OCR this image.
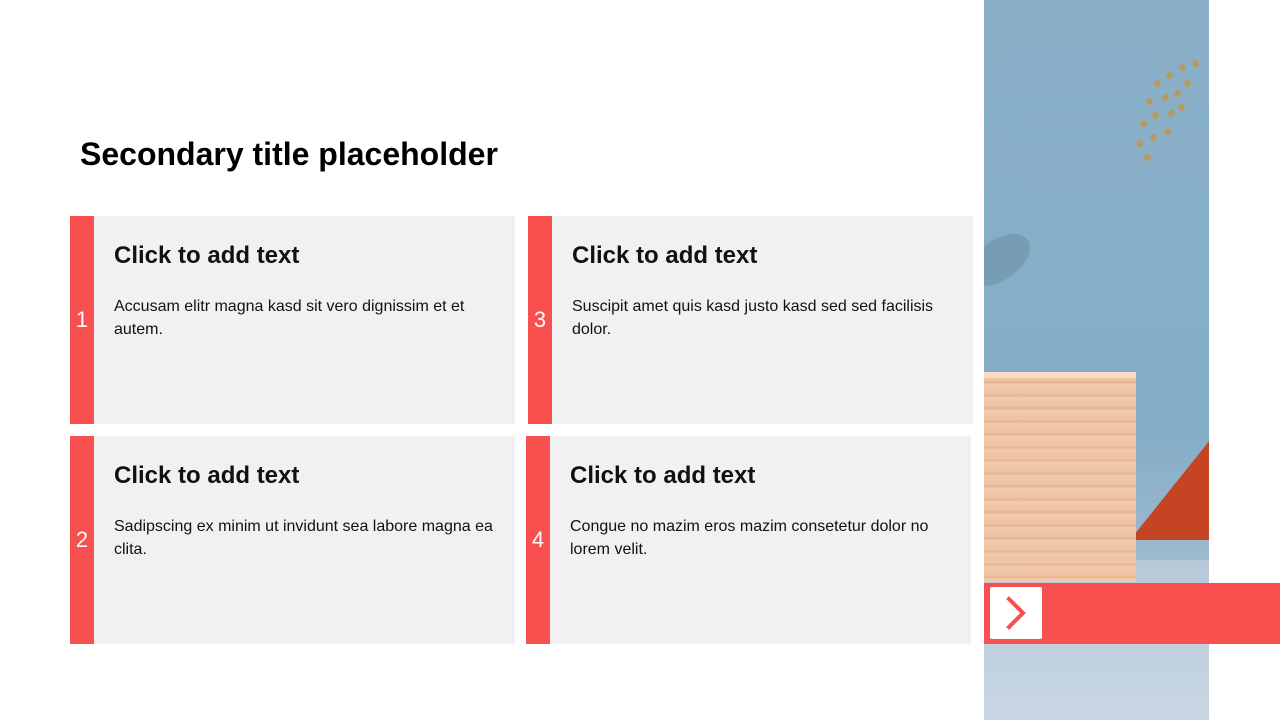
Secondary title placeholder
1
Click to add text
Accusam elitr magna kasd sit vero dignissim et et autem.	3
Click to add text
Suscipit amet quis kasd justo kasd sed sed facilisis dolor.
2
Click to add text
Sadipscing ex minim ut invidunt sea labore magna ea clita.	4
Click to add text
Congue no mazim eros mazim consetetur dolor no lorem velit.
